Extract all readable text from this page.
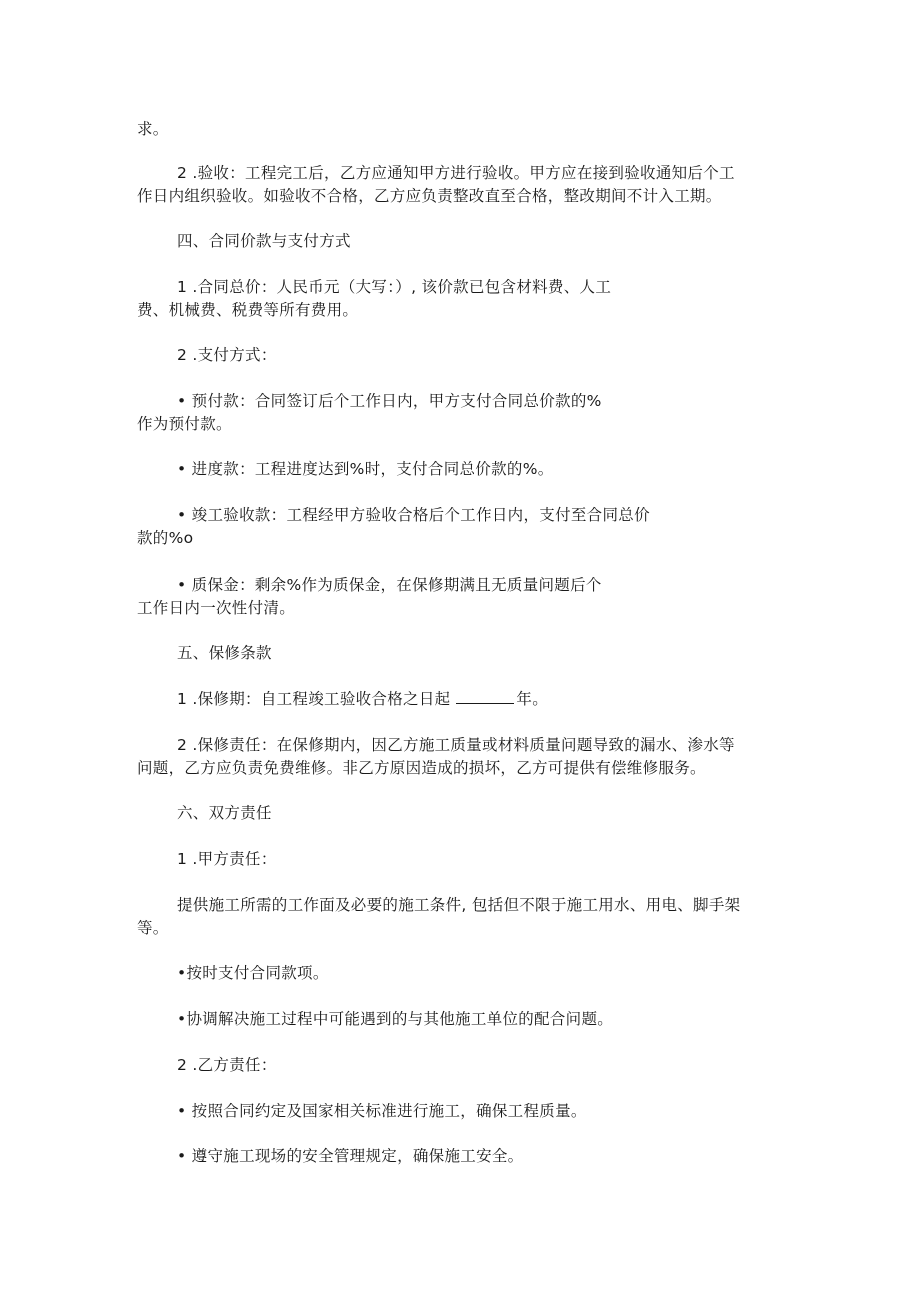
求。

2 .验收：工程完工后，乙方应通知甲方进行验收。甲方应在接到验收通知后个工

作日内组织验收。如验收不合格，乙方应负责整改直至合格，整改期间不计入工期。

四、合同价款与支付方式

1 .合同总价：人民币元（大写：）, 该价款已包含材料费、人工

费、机械费、税费等所有费用。

2 .支付方式：

• 预付款：合同签订后个工作日内，甲方支付合同总价款的%

作为预付款。

• 进度款：工程进度达到%时，支付合同总价款的%。

• 竣工验收款：工程经甲方验收合格后个工作日内，支付至合同总价

款的%o

• 质保金：剩余%作为质保金，在保修期满且无质量问题后个

工作日内一次性付清。

五、保修条款

1 .保修期：自工程竣工验收合格之日起	年。

2 .保修责任：在保修期内，因乙方施工质量或材料质量问题导致的漏水、渗水等

问题，乙方应负责免费维修。非乙方原因造成的损坏，乙方可提供有偿维修服务。

六、双方责任

1 .甲方责任：

提供施工所需的工作面及必要的施工条件, 包括但不限于施工用水、用电、脚手架

等。

•按时支付合同款项。

•协调解决施工过程中可能遇到的与其他施工单位的配合问题。

2 .乙方责任：

• 按照合同约定及国家相关标准进行施工，确保工程质量。

• 遵守施工现场的安全管理规定，确保施工安全。
